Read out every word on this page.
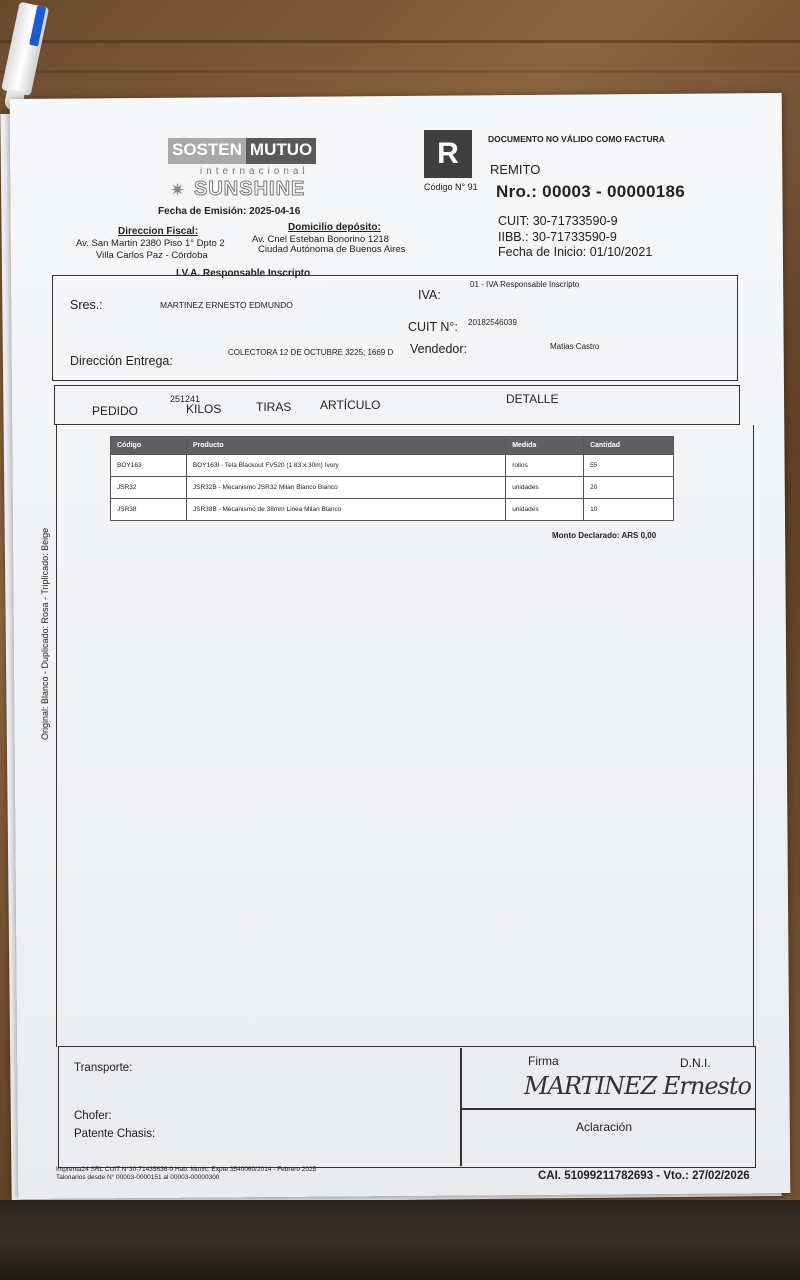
SOSTEN MUTUO
internacional
✷ SUNSHINE
Fecha de Emisión: 2025-04-16
Direccion Fiscal:
Av. San Martin 2380 Piso 1° Dpto 2
Villa Carlos Paz - Córdoba
Domicilio depósito:
Av. Cnel Esteban Bonorino 1218
Ciudad Autónoma de Buenos Aires
I.V.A. Responsable Inscripto
R
Código N° 91
DOCUMENTO NO VÁLIDO COMO FACTURA
REMITO
Nro.: 00003 - 00000186
CUIT: 30-71733590-9
IIBB.: 30-71733590-9
Fecha de Inicio: 01/10/2021
Sres.:	MARTINEZ ERNESTO EDMUNDO
IVA:
01 - IVA Responsable Inscripto
CUIT N°: 20182546039
Dirección Entrega:
COLECTORA 12 DE OCTUBRE 3225; 1669 D Vendedor:	Matias Castro
PEDIDO
251241
KILOS	TIRAS ARTÍCULO	DETALLE
Código	Producto	Medida	Cantidad
BOY163	BOY163I - Tela Blackout FV520 (1.83 x 30m) Ivory	rollos	55
JSR32	JSR32B - Mecanismo JSR32 Milan Blanco Blanco	unidades	20
JSR38	JSR38B - Mecanismo de 38mm Linea Milan Blanco	unidades	10
Monto Declarado: ARS 0,00
Original: Blanco - Duplicado: Rosa - Triplicado: Beige
Transporte:
Chofer:
Patente Chasis:
Firma	D.N.I.
MARTINEZ Ernesto
Aclaración
Imprenta24 SRL CUIT N°30-71435636-0 Hab. Munic. Expte 3540060/2014 - Febrero 2025
Talonarios desde N° 00003-0000151 al 00003-00000300	CAI. 51099211782693 - Vto.: 27/02/2026
